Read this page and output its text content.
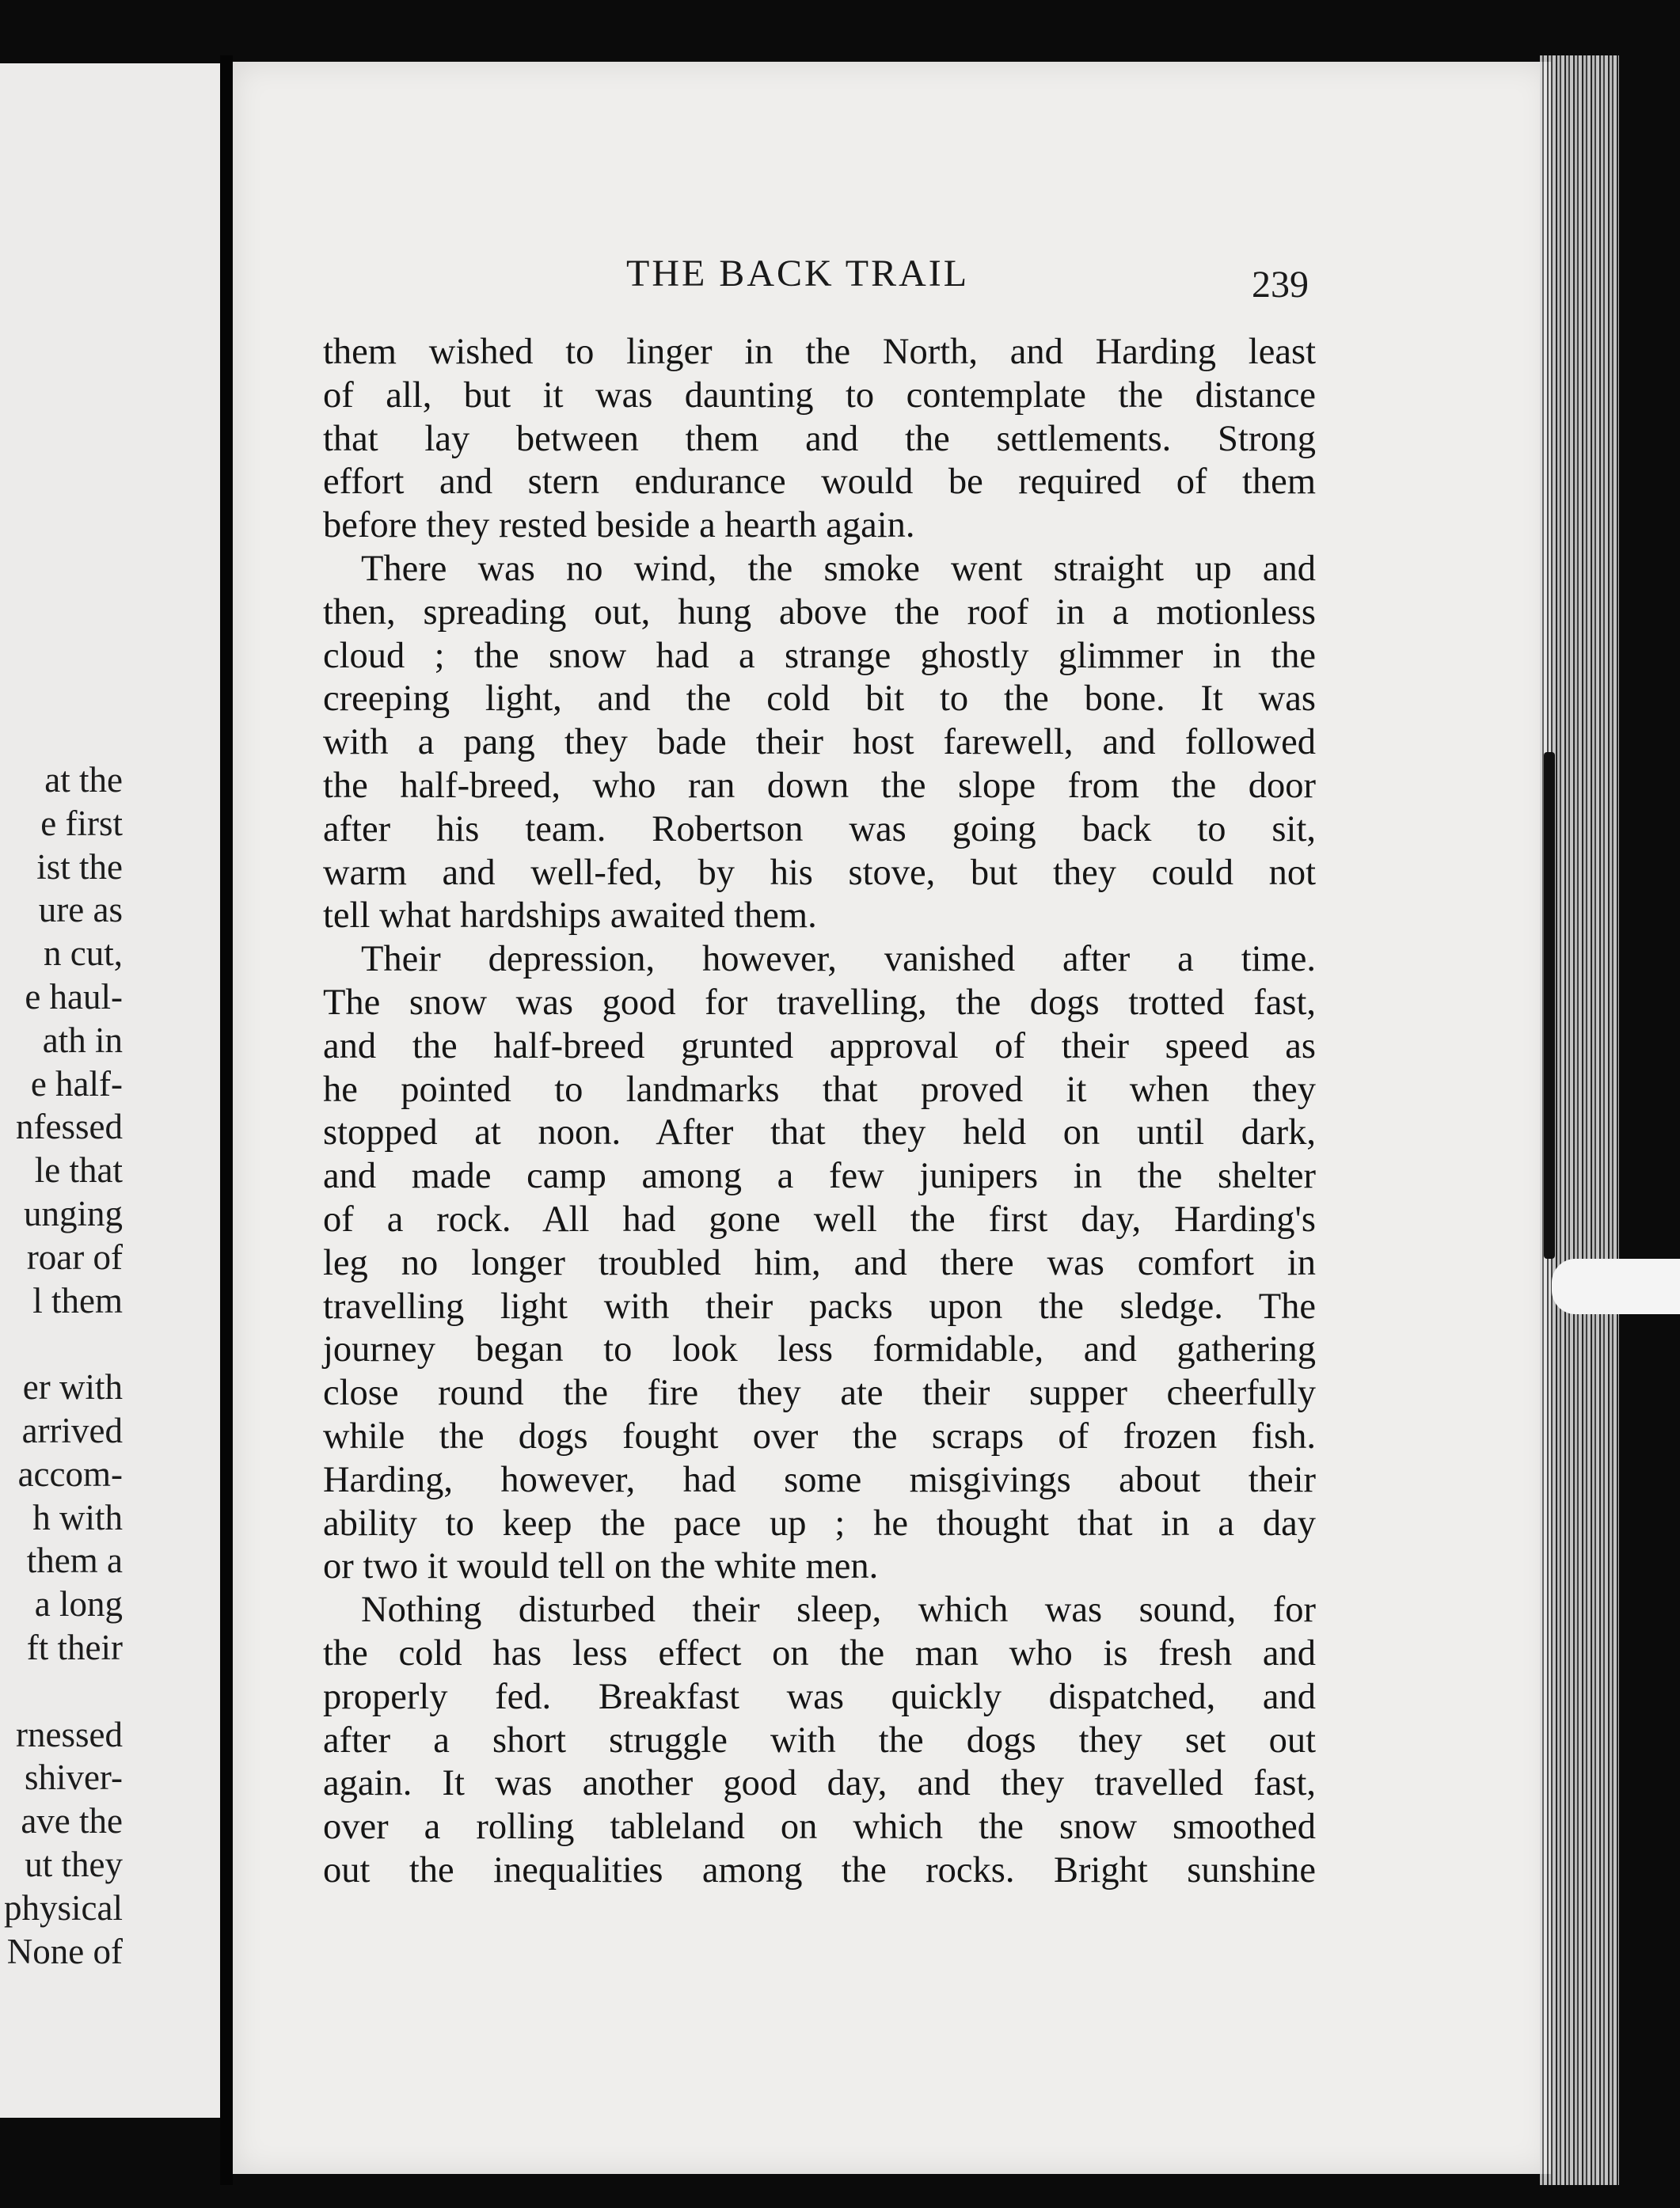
at the
e first
ist the
ure as
n cut,
e haul-
ath in
e half-
nfessed
le that
unging
roar of
l them
er with
arrived
accom-
h with
them a
a long
ft their
rnessed
shiver-
ave the
ut they
physical
None of
THE BACK TRAIL	239
them wished to linger in the North, and Harding least
of all, but it was daunting to contemplate the distance
that lay between them and the settlements. Strong
effort and stern endurance would be required of them
before they rested beside a hearth again.
There was no wind, the smoke went straight up and
then, spreading out, hung above the roof in a motionless
cloud ; the snow had a strange ghostly glimmer in the
creeping light, and the cold bit to the bone. It was
with a pang they bade their host farewell, and followed
the half-breed, who ran down the slope from the door
after his team. Robertson was going back to sit,
warm and well-fed, by his stove, but they could not
tell what hardships awaited them.
Their depression, however, vanished after a time.
The snow was good for travelling, the dogs trotted fast,
and the half-breed grunted approval of their speed as
he pointed to landmarks that proved it when they
stopped at noon. After that they held on until dark,
and made camp among a few junipers in the shelter
of a rock. All had gone well the first day, Harding's
leg no longer troubled him, and there was comfort in
travelling light with their packs upon the sledge. The
journey began to look less formidable, and gathering
close round the fire they ate their supper cheerfully
while the dogs fought over the scraps of frozen fish.
Harding, however, had some misgivings about their
ability to keep the pace up ; he thought that in a day
or two it would tell on the white men.
Nothing disturbed their sleep, which was sound, for
the cold has less effect on the man who is fresh and
properly fed. Breakfast was quickly dispatched, and
after a short struggle with the dogs they set out
again. It was another good day, and they travelled fast,
over a rolling tableland on which the snow smoothed
out the inequalities among the rocks. Bright sunshine
